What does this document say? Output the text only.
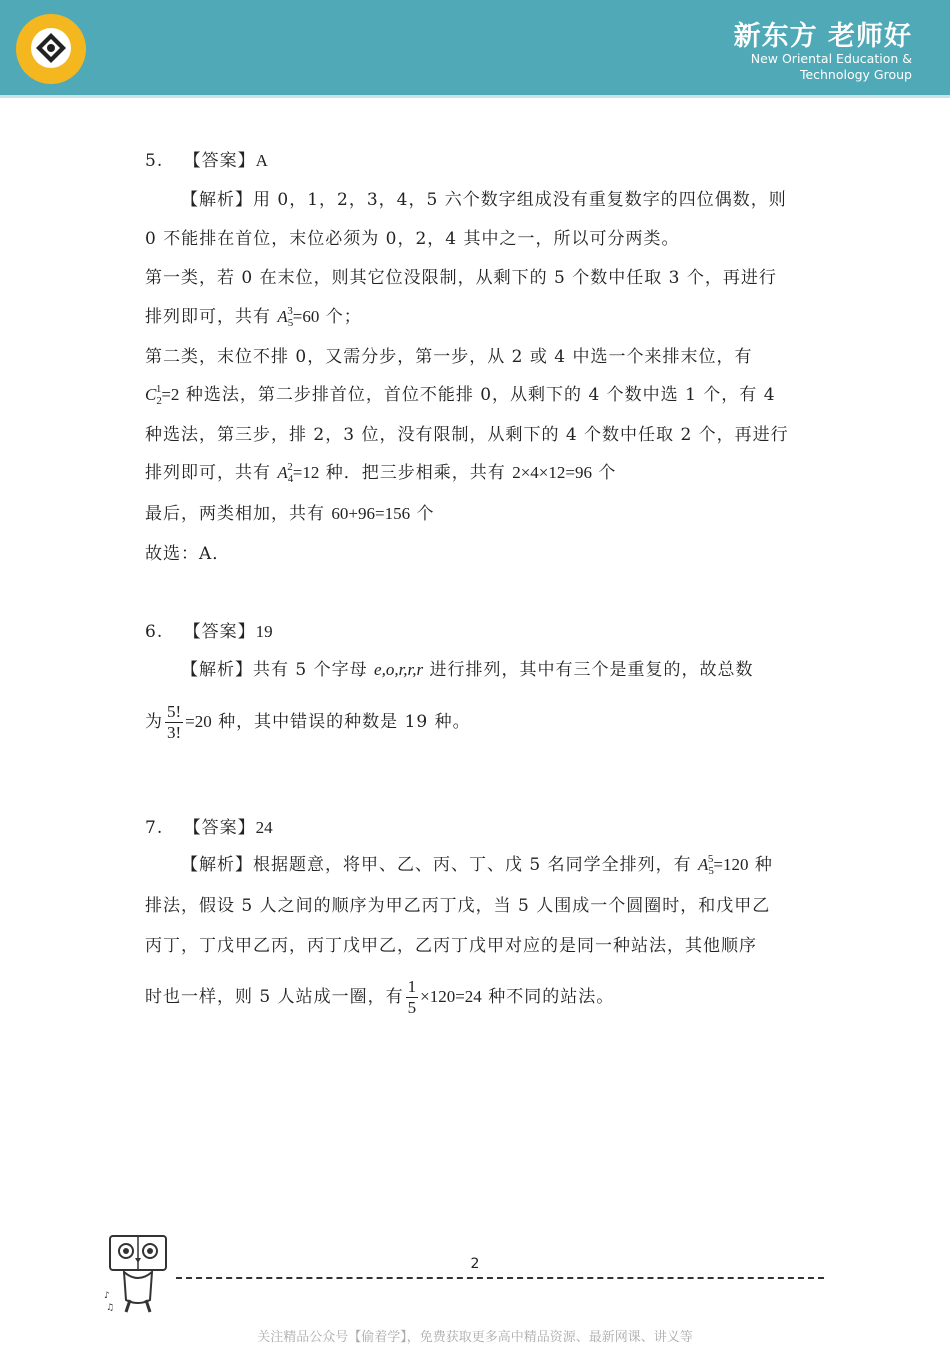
新东方 老师好
New Oriental Education &
Technology Group
5. 【答案】A
【解析】用 0，1，2，3，4，5 六个数字组成没有重复数字的四位偶数，则
0 不能排在首位，末位必须为 0，2，4 其中之一，所以可分两类。
第一类，若 0 在末位，则其它位没限制，从剩下的 5 个数中任取 3 个，再进行
排列即可，共有 $A_5^3=60$ 个；
第二类，末位不排 0，又需分步，第一步，从 2 或 4 中选一个来排末位，有
$C_2^1=2$ 种选法，第二步排首位，首位不能排 0，从剩下的 4 个数中选 1 个，有 4
种选法，第三步，排 2，3 位，没有限制，从剩下的 4 个数中任取 2 个，再进行
排列即可，共有 $A_4^2=12$ 种．把三步相乘，共有 2×4×12=96 个
最后，两类相加，共有 60+96=156 个
故选：A．
6. 【答案】19
【解析】共有 5 个字母 e,o,r,r,r 进行排列，其中有三个是重复的，故总数
为 $\frac{5!}{3!} =20$ 种，其中错误的种数是 19 种。
7. 【答案】24
【解析】根据题意，将甲、乙、丙、丁、戊 5 名同学全排列，有 $A_5^5=120$ 种
排法，假设 5 人之间的顺序为甲乙丙丁戊，当 5 人围成一个圆圈时，和戊甲乙
丙丁，丁戊甲乙丙，丙丁戊甲乙，乙丙丁戊甲对应的是同一种站法，其他顺序
时也一样，则 5 人站成一圈，有 $\frac{1}{5} \times 120=24$ 种不同的站法。
♪
♫
2
关注精品公众号【偷着学】，免费获取更多高中精品资源、最新网课、讲义等
